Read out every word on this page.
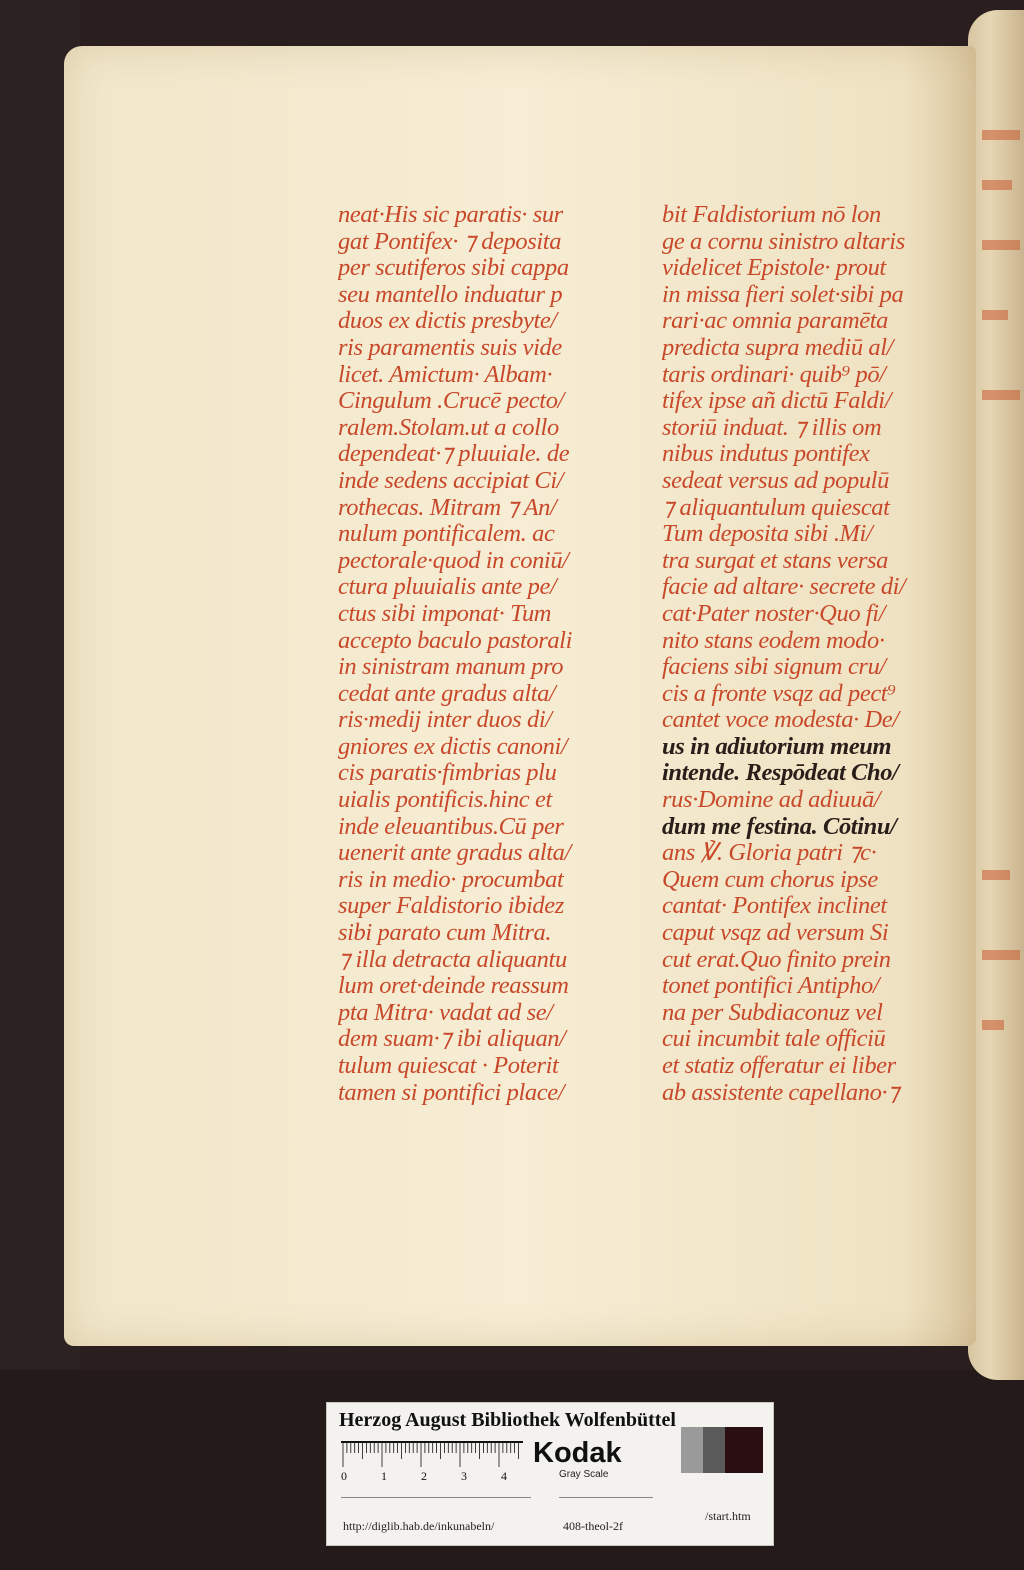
neat·His sic paratis· sur
gat Pontifex· ⁊ deposita
per scutiferos sibi cappa
seu mantello induatur p
duos ex dictis presbyte/
ris paramentis suis vide
licet. Amictum· Albam·
Cingulum .Crucē pecto/
ralem.Stolam.ut a collo
dependeat·⁊ pluuiale. de
inde sedens accipiat Ci/
rothecas. Mitram ⁊ An/
nulum pontificalem. ac
pectorale·quod in coniū/
ctura pluuialis ante pe/
ctus sibi imponat· Tum
accepto baculo pastorali
in sinistram manum pro
cedat ante gradus alta/
ris·medij inter duos di/
gniores ex dictis canoni/
cis paratis·fimbrias plu
uialis pontificis.hinc et
inde eleuantibus.Cū per
uenerit ante gradus alta/
ris in medio· procumbat
super Faldistorio ibidez
sibi parato cum Mitra.
⁊ illa detracta aliquantu
lum oret·deinde reassum
pta Mitra· vadat ad se/
dem suam·⁊ ibi aliquan/
tulum quiescat · Poterit
tamen si pontifici place/
bit Faldistorium nō lon
ge a cornu sinistro altaris
videlicet Epistole· prout
in missa fieri solet·sibi pa
rari·ac omnia paramēta
predicta supra mediū al/
taris ordinari· quib⁹ pō/
tifex ipse añ dictū Faldi/
storiū induat. ⁊ illis om
nibus indutus pontifex
sedeat versus ad populū
⁊ aliquantulum quiescat
Tum deposita sibi .Mi/
tra surgat et stans versa
facie ad altare· secrete di/
cat·Pater noster·Quo fi/
nito stans eodem modo·
faciens sibi signum cru/
cis a fronte vsqz ad pect⁹
cantet voce modesta· De/
us in adiutorium meum
intende. Respōdeat Cho/
rus·Domine ad adiuuā/
dum me festina. Cōtinu/
ans ℣. Gloria patri ⁊c·
Quem cum chorus ipse
cantat· Pontifex inclinet
caput vsqz ad versum Si
cut erat.Quo finito prein
tonet pontifici Antipho/
na per Subdiaconuz vel
cui incumbit tale officiū
et statiz offeratur ei liber
ab assistente capellano·⁊
Herzog August Bibliothek Wolfenbüttel
0	1	2	3	4
Kodak
Gray Scale
http://diglib.hab.de/inkunabeln/	408-theol-2f
/start.htm
